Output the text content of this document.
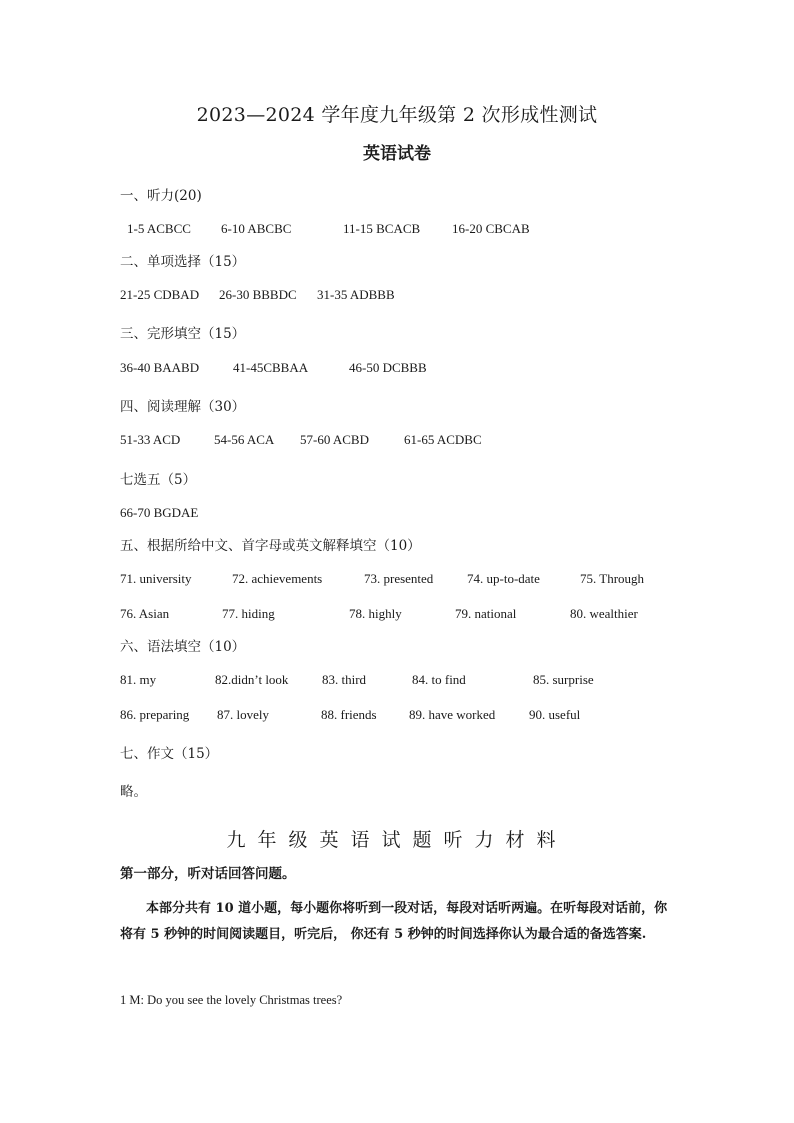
2023—2024 学年度九年级第 2 次形成性测试
英语试卷
一、听力(20)
1-5 ACBCC 6-10 ABCBC	11-15 BCACB 16-20 CBCAB
二、单项选择（15）
21-25 CDBAD 26-30 BBBDC 31-35 ADBBB
三、完形填空（15）
36-40 BAABD	41-45CBBAA	46-50 DCBBB
四、阅读理解（30）
51-33 ACD	54-56 ACA 57-60 ACBD	61-65 ACDBC
七选五（5）
66-70 BGDAE
五、根据所给中文、首字母或英文解释填空（10）
71. university	72. achievements	73. presented	74. up-to-date	75. Through
76. Asian	77. hiding	78. highly	79. national	80. wealthier
六、语法填空（10）
81. my	82.didn’t look	83. third	84. to find	85. surprise
86. preparing 87. lovely	88. friends 89. have worked	90. useful
七、作文（15）
略。
九年级英语试题听力材料
第一部分，听对话回答问题。
本部分共有 10 道小题，每小题你将听到一段对话，每段对话听两遍。在听每段对话前，你将有 5 秒钟的时间阅读题目，听完后， 你还有 5 秒钟的时间选择你认为最合适的备选答案.
1 M: Do you see the lovely Christmas trees?
